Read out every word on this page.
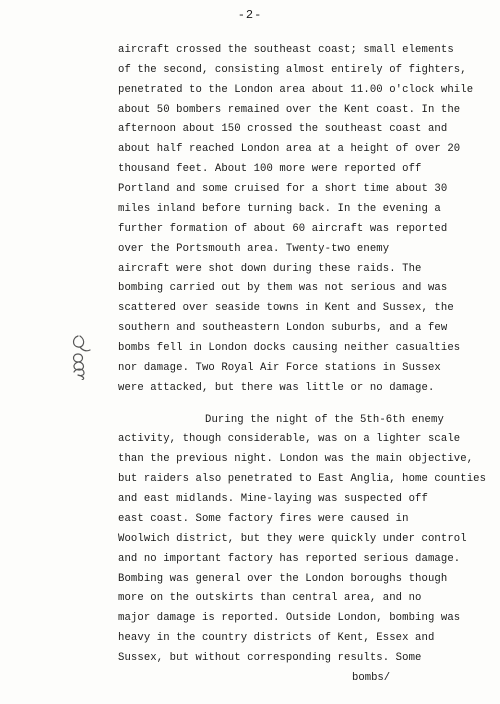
-2-
aircraft crossed the southeast coast; small elements
of the second, consisting almost entirely of fighters,
penetrated to the London area about 11.00 o'clock while
about 50 bombers remained over the Kent coast. In the
afternoon about 150 crossed the southeast coast and
about half reached London area at a height of over 20
thousand feet. About 100 more were reported off
Portland and some cruised for a short time about 30
miles inland before turning back. In the evening a
further formation of about 60 aircraft was reported
over the Portsmouth area. Twenty-two enemy
aircraft were shot down during these raids. The
bombing carried out by them was not serious and was
scattered over seaside towns in Kent and Sussex, the
southern and southeastern London suburbs, and a few
bombs fell in London docks causing neither casualties
nor damage. Two Royal Air Force stations in Sussex
were attacked, but there was little or no damage.
During the night of the 5th-6th enemy
activity, though considerable, was on a lighter scale
than the previous night. London was the main objective,
but raiders also penetrated to East Anglia, home counties
and east midlands. Mine-laying was suspected off
east coast. Some factory fires were caused in
Woolwich district, but they were quickly under control
and no important factory has reported serious damage.
Bombing was general over the London boroughs though
more on the outskirts than central area, and no
major damage is reported. Outside London, bombing was
heavy in the country districts of Kent, Essex and
Sussex, but without corresponding results. Some
bombs/
